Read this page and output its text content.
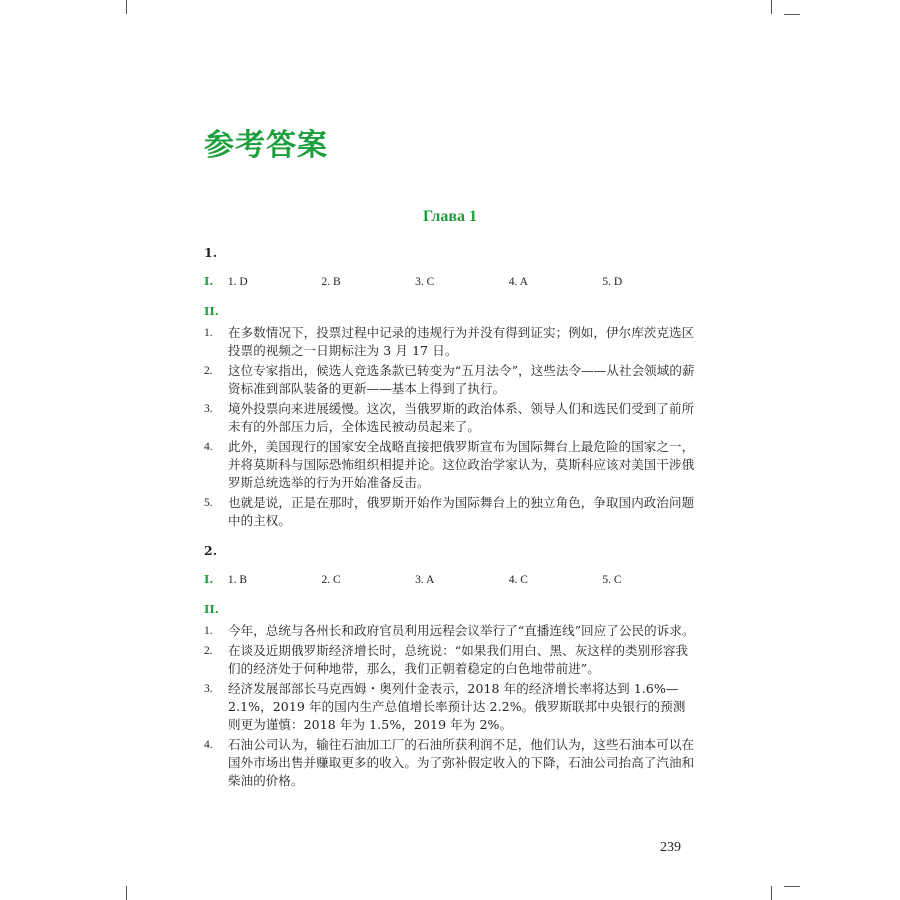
参考答案
Глава 1
1.
I.	1. D	2. B	3. C	4. A	5. D
II.
1.	在多数情况下，投票过程中记录的违规行为并没有得到证实；例如，伊尔库茨克选区投票的视频之一日期标注为 3 月 17 日。
2.	这位专家指出，候选人竞选条款已转变为“五月法令”，这些法令——从社会领域的薪资标准到部队装备的更新——基本上得到了执行。
3.	境外投票向来进展缓慢。这次，当俄罗斯的政治体系、领导人们和选民们受到了前所未有的外部压力后，全体选民被动员起来了。
4.	此外，美国现行的国家安全战略直接把俄罗斯宣布为国际舞台上最危险的国家之一，并将莫斯科与国际恐怖组织相提并论。这位政治学家认为，莫斯科应该对美国干涉俄罗斯总统选举的行为开始准备反击。
5.	也就是说，正是在那时，俄罗斯开始作为国际舞台上的独立角色，争取国内政治问题中的主权。
2.
I.	1. B	2. C	3. A	4. C	5. C
II.
1.	今年，总统与各州长和政府官员利用远程会议举行了“直播连线”回应了公民的诉求。
2.	在谈及近期俄罗斯经济增长时，总统说：“如果我们用白、黑、灰这样的类别形容我们的经济处于何种地带，那么，我们正朝着稳定的白色地带前进”。
3.	经济发展部部长马克西姆・奥列什金表示，2018 年的经济增长率将达到 1.6%—2.1%，2019 年的国内生产总值增长率预计达 2.2%。俄罗斯联邦中央银行的预测则更为谨慎：2018 年为 1.5%，2019 年为 2%。
4.	石油公司认为，输往石油加工厂的石油所获利润不足，他们认为，这些石油本可以在国外市场出售并赚取更多的收入。为了弥补假定收入的下降，石油公司抬高了汽油和柴油的价格。
239
